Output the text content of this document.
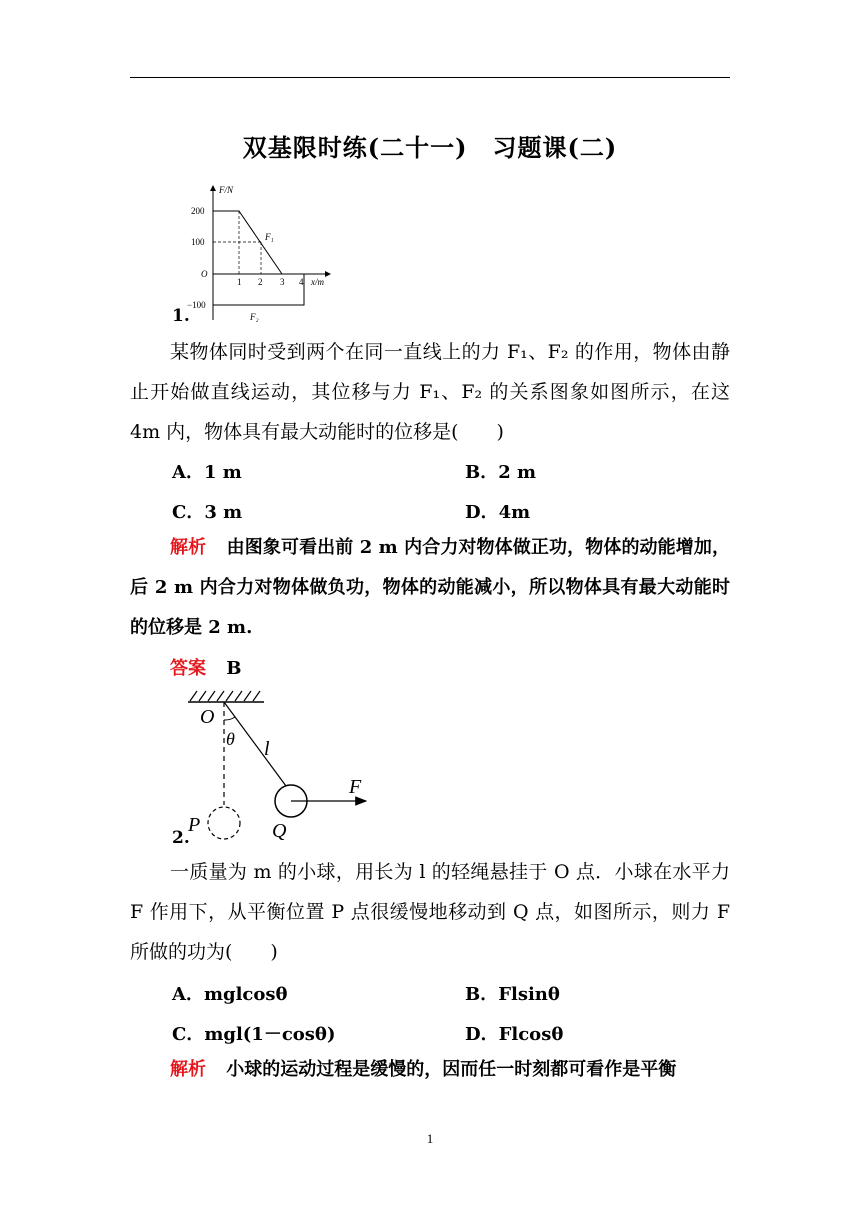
双基限时练(二十一)　习题课(二)
F/N
x/m
200
100
O
−100
1 2 3 4
F₁
F₂
1.
某物体同时受到两个在同一直线上的力 F₁、F₂ 的作用，物体由静止开始做直线运动，其位移与力 F₁、F₂ 的关系图象如图所示，在这 4m 内，物体具有最大动能时的位移是(　　)
A．1 m	B．2 m
C．3 m	D．4m
解析 由图象可看出前 2 m 内合力对物体做正功，物体的动能增加，后 2 m 内合力对物体做负功，物体的动能减小，所以物体具有最大动能时的位移是 2 m.
答案 B
O
θ l
F
P	Q
2.
一质量为 m 的小球，用长为 l 的轻绳悬挂于 O 点．小球在水平力 F 作用下，从平衡位置 P 点很缓慢地移动到 Q 点，如图所示，则力 F 所做的功为(　　)
A．mglcosθ	B．Flsinθ
C．mgl(1－cosθ)	D．Flcosθ
解析 小球的运动过程是缓慢的，因而任一时刻都可看作是平衡
1
